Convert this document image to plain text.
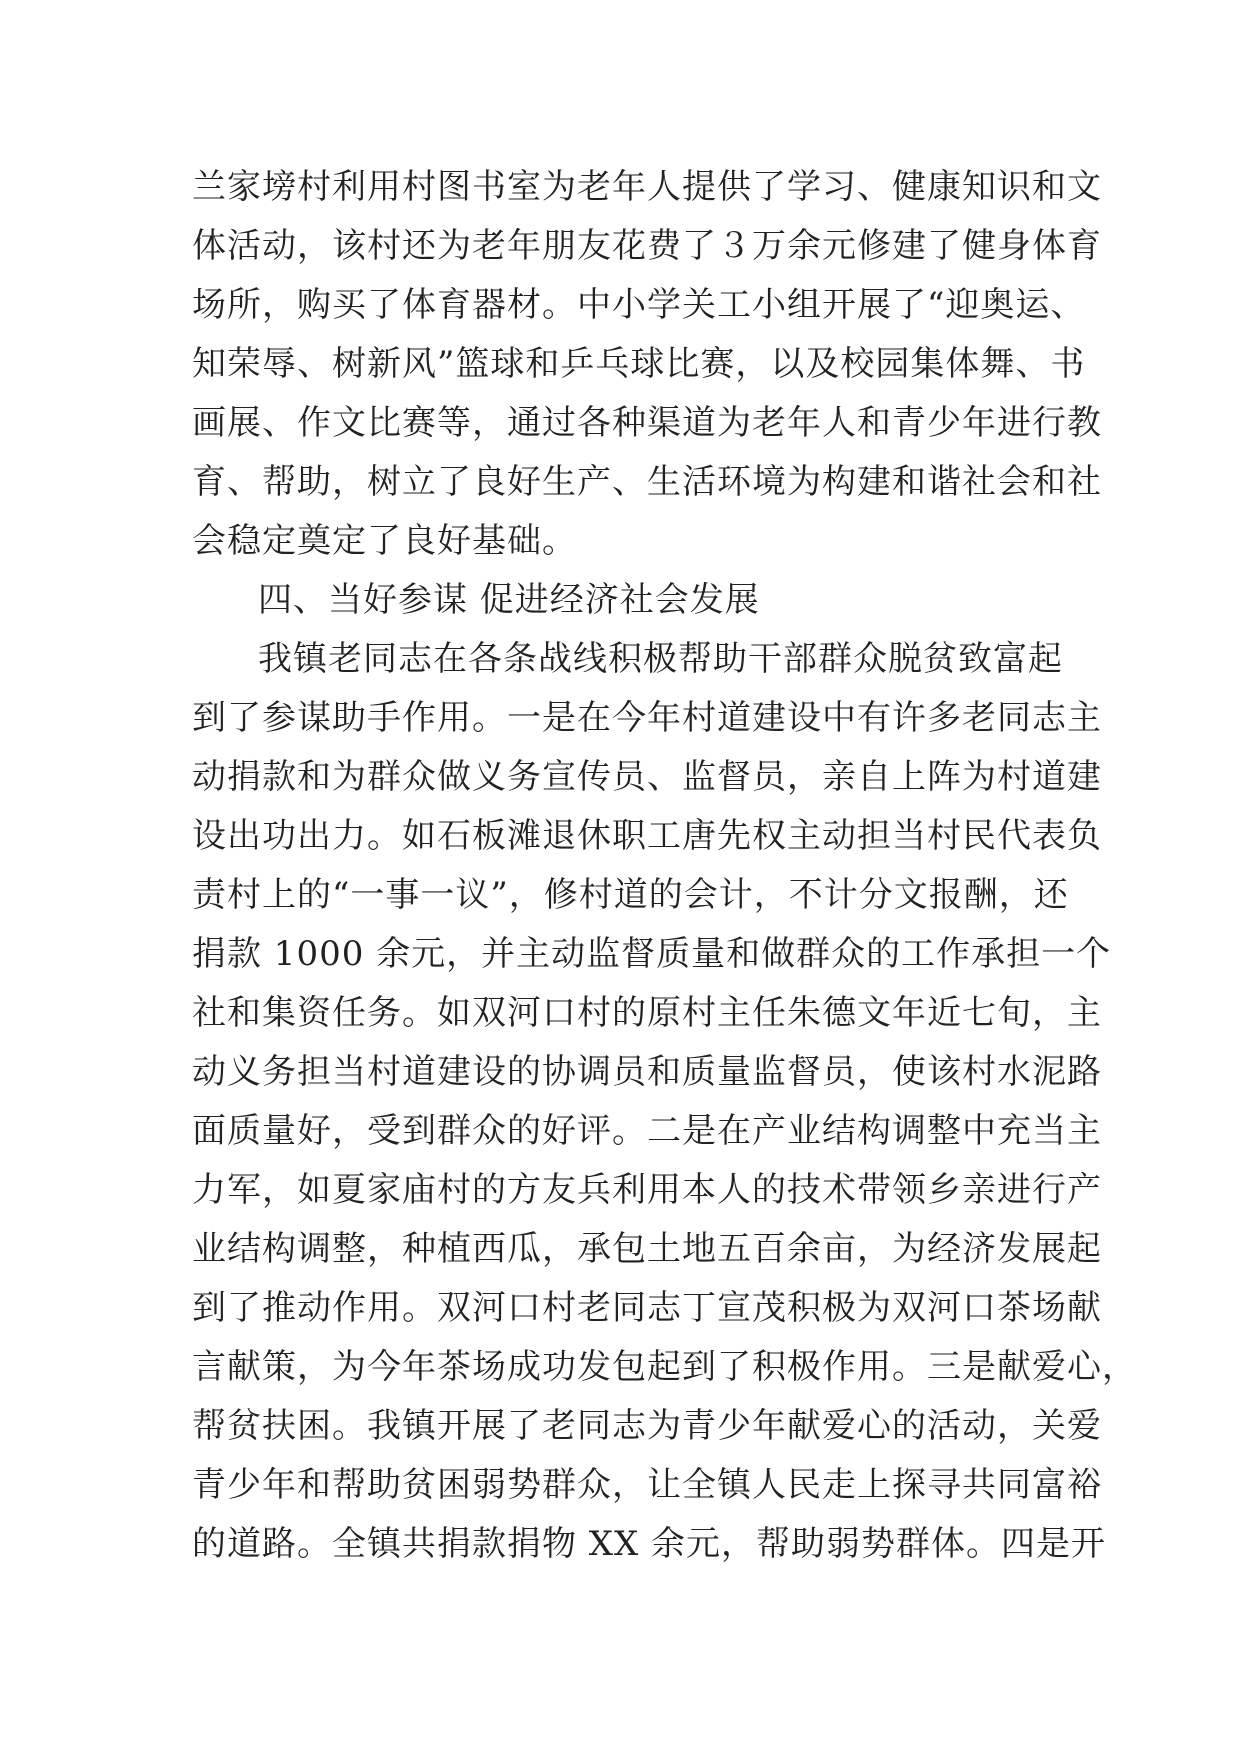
兰家塝村利用村图书室为老年人提供了学习、健康知识和文
体活动，该村还为老年朋友花费了３万余元修建了健身体育
场所，购买了体育器材。中小学关工小组开展了“迎奥运、
知荣辱、树新风”篮球和乒乓球比赛，以及校园集体舞、书
画展、作文比赛等，通过各种渠道为老年人和青少年进行教
育、帮助，树立了良好生产、生活环境为构建和谐社会和社
会稳定奠定了良好基础。
四、当好参谋 促进经济社会发展
我镇老同志在各条战线积极帮助干部群众脱贫致富起
到了参谋助手作用。一是在今年村道建设中有许多老同志主
动捐款和为群众做义务宣传员、监督员，亲自上阵为村道建
设出功出力。如石板滩退休职工唐先权主动担当村民代表负
责村上的“一事一议”，修村道的会计，不计分文报酬，还
捐款 1000 余元，并主动监督质量和做群众的工作承担一个
社和集资任务。如双河口村的原村主任朱德文年近七旬，主
动义务担当村道建设的协调员和质量监督员，使该村水泥路
面质量好，受到群众的好评。二是在产业结构调整中充当主
力军，如夏家庙村的方友兵利用本人的技术带领乡亲进行产
业结构调整，种植西瓜，承包土地五百余亩，为经济发展起
到了推动作用。双河口村老同志丁宣茂积极为双河口茶场献
言献策，为今年茶场成功发包起到了积极作用。三是献爱心，
帮贫扶困。我镇开展了老同志为青少年献爱心的活动，关爱
青少年和帮助贫困弱势群众，让全镇人民走上探寻共同富裕
的道路。全镇共捐款捐物 XX 余元，帮助弱势群体。四是开
